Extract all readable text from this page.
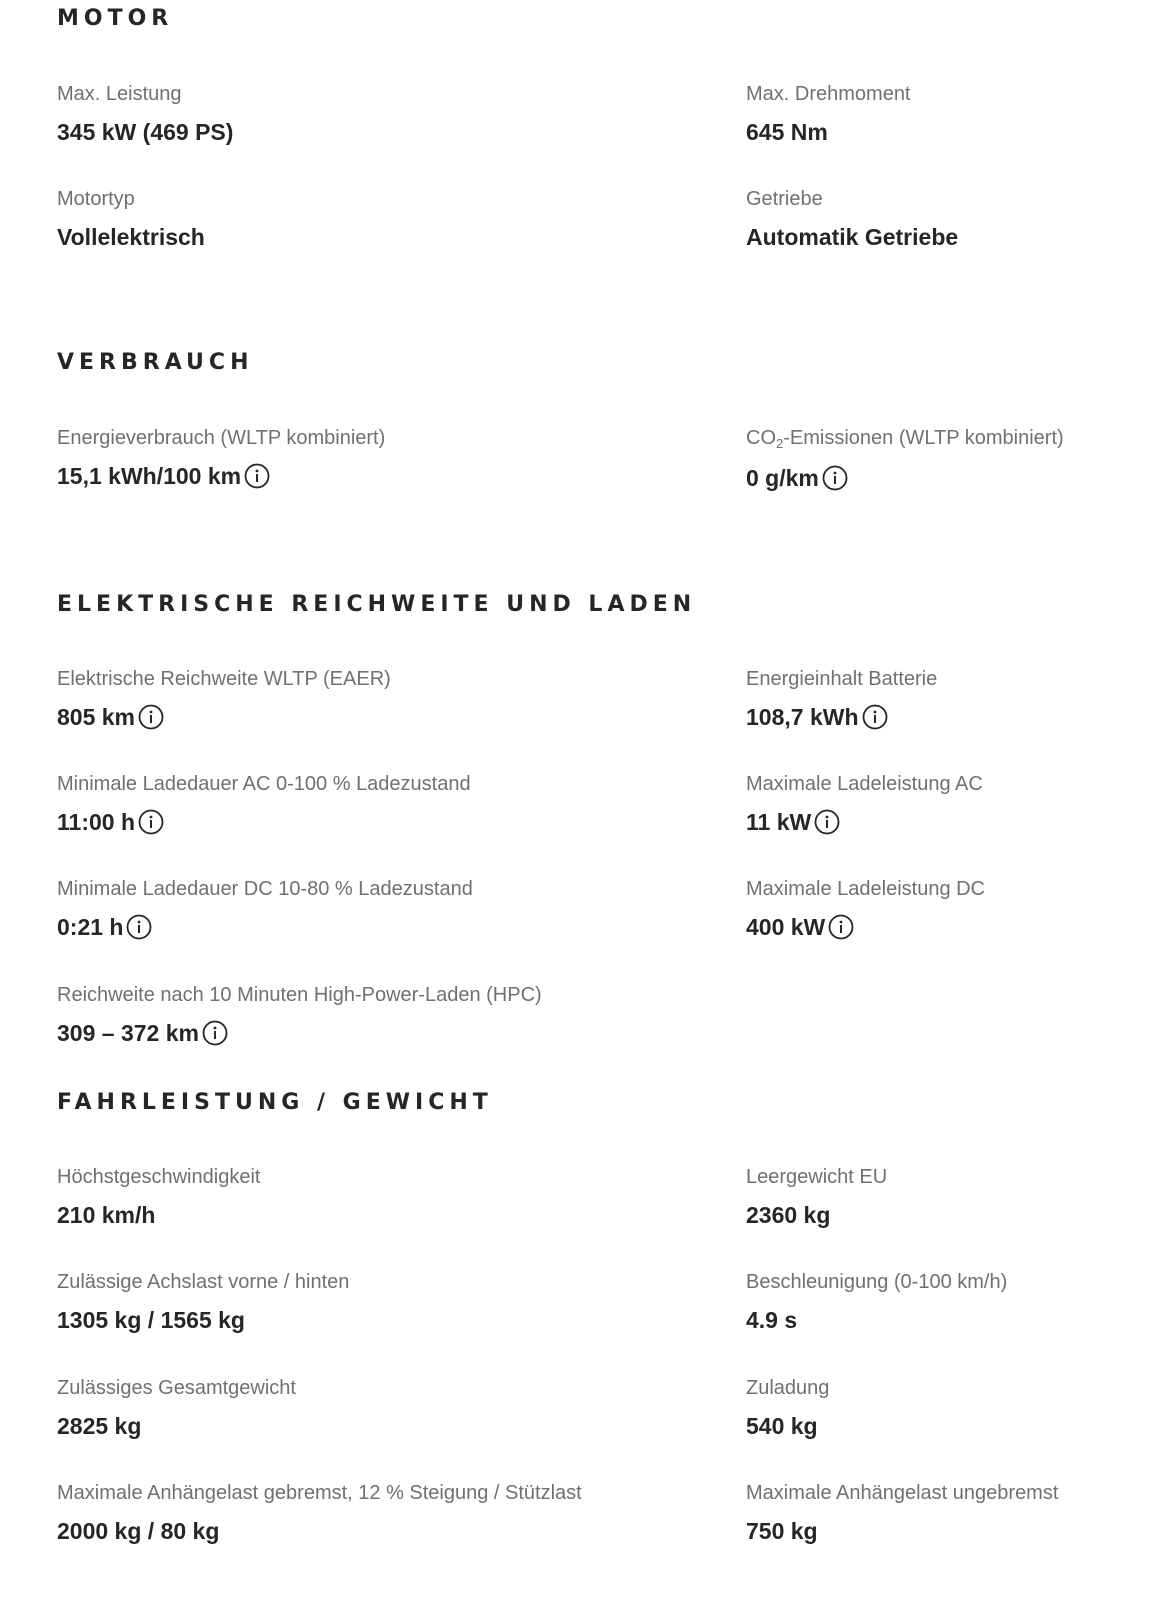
MOTOR
Max. Leistung
345 kW (469 PS)
Max. Drehmoment
645 Nm
Motortyp
Vollelektrisch
Getriebe
Automatik Getriebe
VERBRAUCH
Energieverbrauch (WLTP kombiniert)
15,1 kWh/100 km
$CO_2$-Emissionen (WLTP kombiniert)
0 g/km
ELEKTRISCHE REICHWEITE UND LADEN
Elektrische Reichweite WLTP (EAER)
805 km
Energieinhalt Batterie
108,7 kWh
Minimale Ladedauer AC 0-100 % Ladezustand
11:00 h
Maximale Ladeleistung AC
11 kW
Minimale Ladedauer DC 10-80 % Ladezustand
0:21 h
Maximale Ladeleistung DC
400 kW
Reichweite nach 10 Minuten High-Power-Laden (HPC)
309 – 372 km
FAHRLEISTUNG / GEWICHT
Höchstgeschwindigkeit
210 km/h
Leergewicht EU
2360 kg
Zulässige Achslast vorne / hinten
1305 kg / 1565 kg
Beschleunigung (0-100 km/h)
4.9 s
Zulässiges Gesamtgewicht
2825 kg
Zuladung
540 kg
Maximale Anhängelast gebremst, 12 % Steigung / Stützlast
2000 kg / 80 kg
Maximale Anhängelast ungebremst
750 kg
